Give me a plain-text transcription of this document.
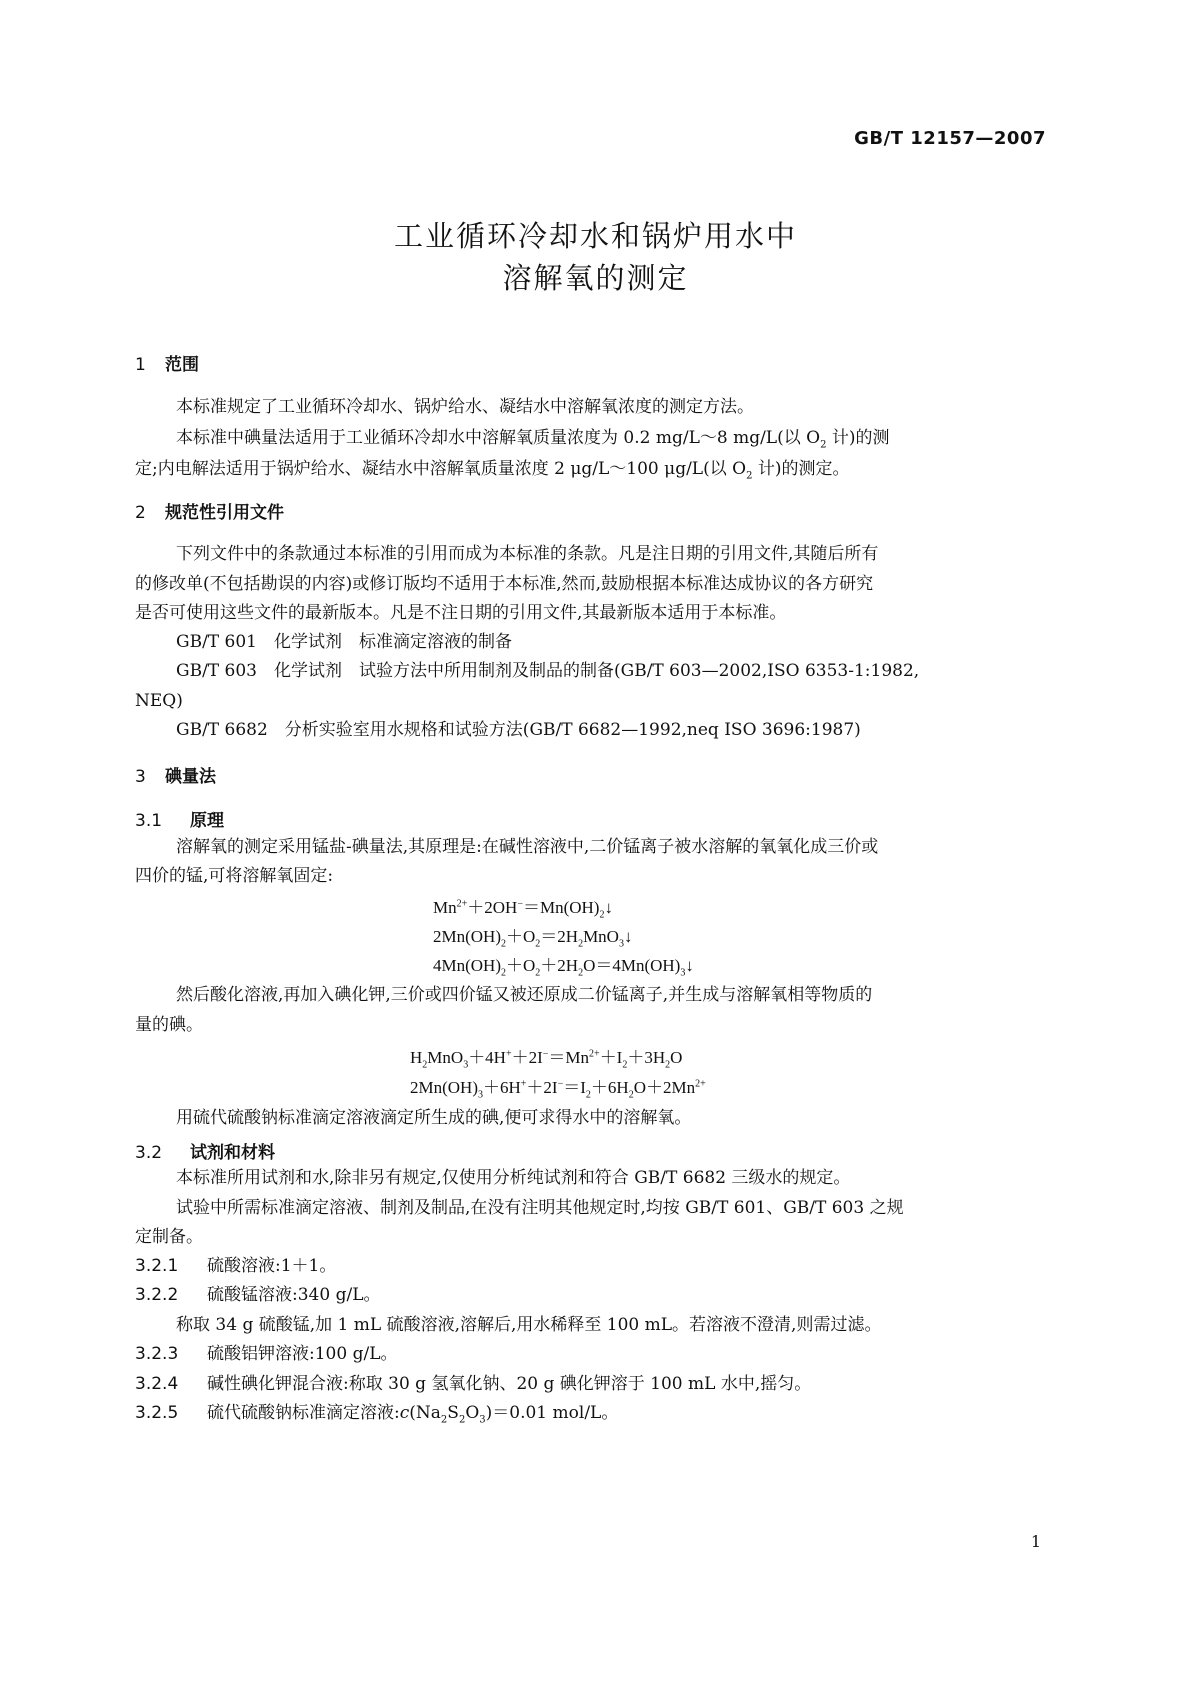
GB/T 12157—2007
工业循环冷却水和锅炉用水中
溶解氧的测定
1 范围
本标准规定了工业循环冷却水、锅炉给水、凝结水中溶解氧浓度的测定方法。
本标准中碘量法适用于工业循环冷却水中溶解氧质量浓度为 0.2 mg/L～8 mg/L(以 $O_2$ 计)的测
定;内电解法适用于锅炉给水、凝结水中溶解氧质量浓度 2 μg/L～100 μg/L(以 $O_2$ 计)的测定。
2 规范性引用文件
下列文件中的条款通过本标准的引用而成为本标准的条款。凡是注日期的引用文件,其随后所有
的修改单(不包括勘误的内容)或修订版均不适用于本标准,然而,鼓励根据本标准达成协议的各方研究
是否可使用这些文件的最新版本。凡是不注日期的引用文件,其最新版本适用于本标准。
GB/T 601　化学试剂　标准滴定溶液的制备
GB/T 603　化学试剂　试验方法中所用制剂及制品的制备(GB/T 603—2002,ISO 6353-1:1982,
NEQ)
GB/T 6682　分析实验室用水规格和试验方法(GB/T 6682—1992,neq ISO 3696:1987)
3 碘量法
3.1 原理
溶解氧的测定采用锰盐-碘量法,其原理是:在碱性溶液中,二价锰离子被水溶解的氧氧化成三价或
四价的锰,可将溶解氧固定:
$Mn^{2+}+2OH^-=Mn(OH)_2↓$
$2Mn(OH)_2+O_2=2H_2MnO_3↓$
$4Mn(OH)_2+O_2+2H_2O=4Mn(OH)_3↓$
然后酸化溶液,再加入碘化钾,三价或四价锰又被还原成二价锰离子,并生成与溶解氧相等物质的
量的碘。
$H_2MnO_3+4H^++2I^-=Mn^{2+}+I_2+3H_2O$
$2Mn(OH)_3+6H^++2I^-=I_2+6H_2O+2Mn^{2+}$
用硫代硫酸钠标准滴定溶液滴定所生成的碘,便可求得水中的溶解氧。
3.2 试剂和材料
本标准所用试剂和水,除非另有规定,仅使用分析纯试剂和符合 GB/T 6682 三级水的规定。
试验中所需标准滴定溶液、制剂及制品,在没有注明其他规定时,均按 GB/T 601、GB/T 603 之规
定制备。
3.2.1 硫酸溶液:1＋1。
3.2.2 硫酸锰溶液:340 g/L。
称取 34 g 硫酸锰,加 1 mL 硫酸溶液,溶解后,用水稀释至 100 mL。若溶液不澄清,则需过滤。
3.2.3 硫酸铝钾溶液:100 g/L。
3.2.4 碱性碘化钾混合液:称取 30 g 氢氧化钠、20 g 碘化钾溶于 100 mL 水中,摇匀。
3.2.5 硫代硫酸钠标准滴定溶液$:c(Na_2S_2O_3)=0.01$ mol/L。
1
